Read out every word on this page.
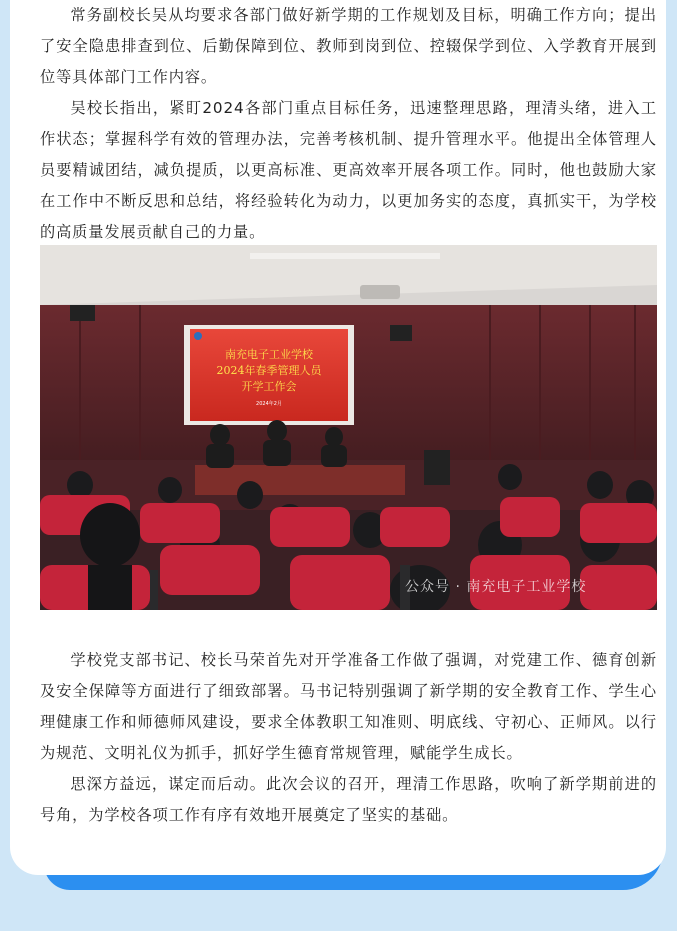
常务副校长吴从均要求各部门做好新学期的工作规划及目标，明确工作方向；提出了安全隐患排查到位、后勤保障到位、教师到岗到位、控辍保学到位、入学教育开展到位等具体部门工作内容。

吴校长指出，紧盯2024各部门重点目标任务，迅速整理思路，理清头绪，进入工作状态；掌握科学有效的管理办法，完善考核机制、提升管理水平。他提出全体管理人员要精诚团结，减负提质，以更高标准、更高效率开展各项工作。同时，他也鼓励大家在工作中不断反思和总结，将经验转化为动力，以更加务实的态度，真抓实干，为学校的高质量发展贡献自己的力量。

南充电子工业学校
2024年春季管理人员
开学工作会
2024年2月
公众号 · 南充电子工业学校

学校党支部书记、校长马荣首先对开学准备工作做了强调，对党建工作、德育创新及安全保障等方面进行了细致部署。马书记特别强调了新学期的安全教育工作、学生心理健康工作和师德师风建设，要求全体教职工知准则、明底线、守初心、正师风。以行为规范、文明礼仪为抓手，抓好学生德育常规管理，赋能学生成长。

思深方益远，谋定而后动。此次会议的召开，理清工作思路，吹响了新学期前进的号角，为学校各项工作有序有效地开展奠定了坚实的基础。
